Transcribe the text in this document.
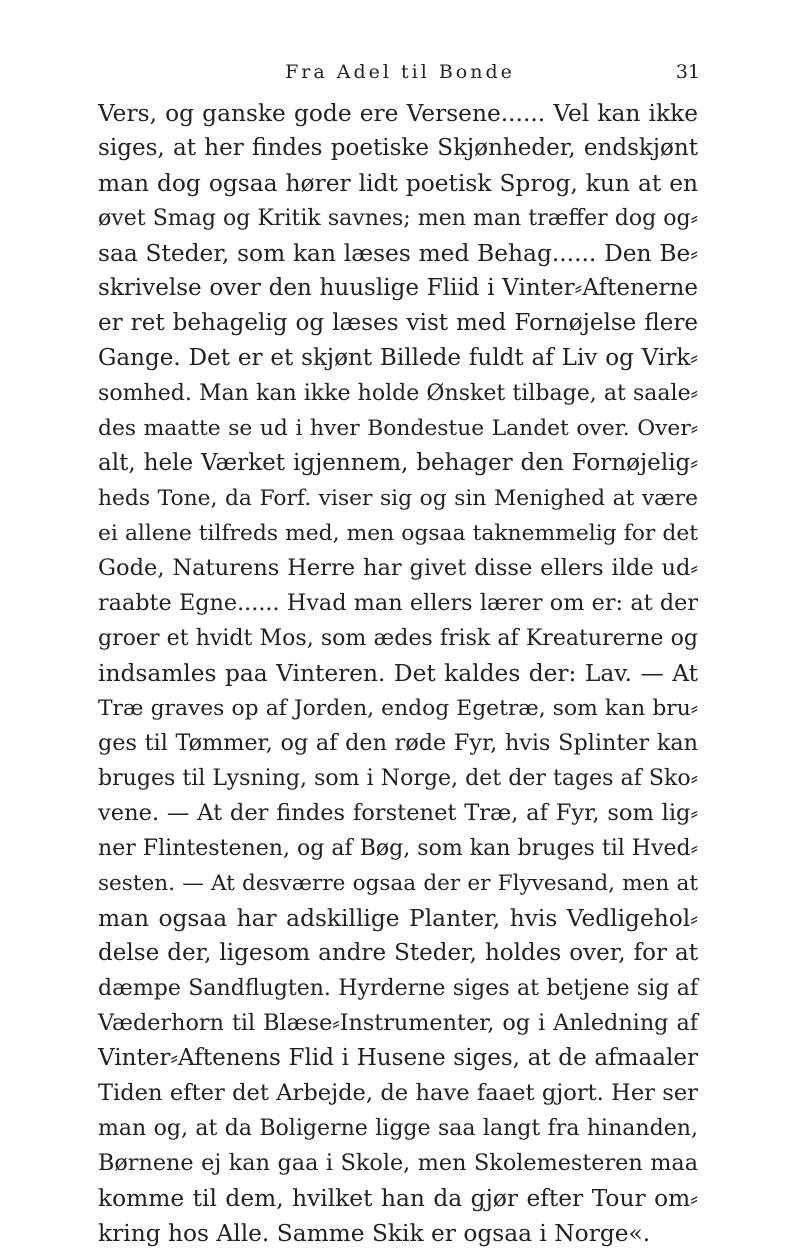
Fra Adel til Bonde	31
Vers, og ganske gode ere Versene...... Vel kan ikke
siges, at her findes poetiske Skjønheder, endskjønt
man dog ogsaa hører lidt poetisk Sprog, kun at en
øvet Smag og Kritik savnes; men man træffer dog og⸗
saa Steder, som kan læses med Behag...... Den Be⸗
skrivelse over den huuslige Fliid i Vinter⸗Aftenerne
er ret behagelig og læses vist med Fornøjelse flere
Gange. Det er et skjønt Billede fuldt af Liv og Virk⸗
somhed. Man kan ikke holde Ønsket tilbage, at saale⸗
des maatte se ud i hver Bondestue Landet over. Over⸗
alt, hele Værket igjennem, behager den Fornøjelig⸗
heds Tone, da Forf. viser sig og sin Menighed at være
ei allene tilfreds med, men ogsaa taknemmelig for det
Gode, Naturens Herre har givet disse ellers ilde ud⸗
raabte Egne...... Hvad man ellers lærer om er: at der
groer et hvidt Mos, som ædes frisk af Kreaturerne og
indsamles paa Vinteren. Det kaldes der: Lav. — At
Træ graves op af Jorden, endog Egetræ, som kan bru⸗
ges til Tømmer, og af den røde Fyr, hvis Splinter kan
bruges til Lysning, som i Norge, det der tages af Sko⸗
vene. — At der findes forstenet Træ, af Fyr, som lig⸗
ner Flintestenen, og af Bøg, som kan bruges til Hved⸗
sesten. — At desværre ogsaa der er Flyvesand, men at
man ogsaa har adskillige Planter, hvis Vedligehol⸗
delse der, ligesom andre Steder, holdes over, for at
dæmpe Sandflugten. Hyrderne siges at betjene sig af
Væderhorn til Blæse⸗Instrumenter, og i Anledning af
Vinter⸗Aftenens Flid i Husene siges, at de afmaaler
Tiden efter det Arbejde, de have faaet gjort. Her ser
man og, at da Boligerne ligge saa langt fra hinanden,
Børnene ej kan gaa i Skole, men Skolemesteren maa
komme til dem, hvilket han da gjør efter Tour om⸗
kring hos Alle. Samme Skik er ogsaa i Norge«.
